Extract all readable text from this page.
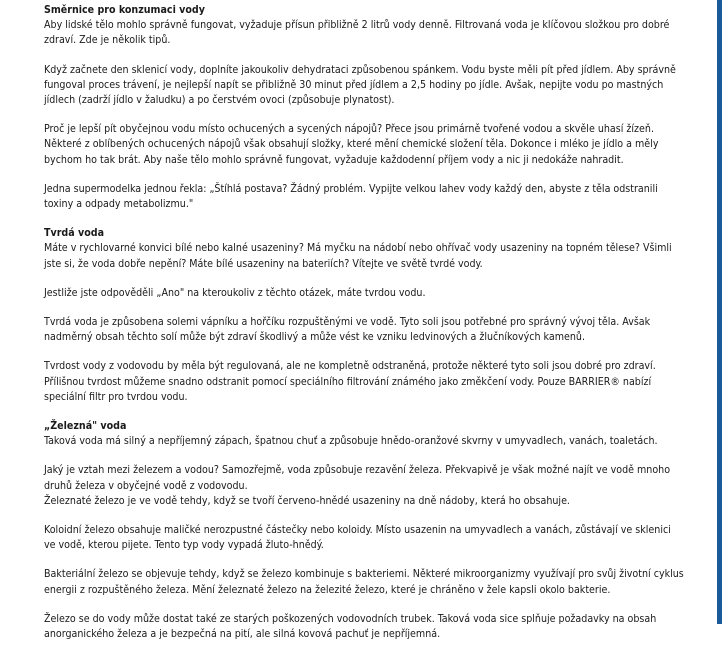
Směrnice pro konzumaci vody

Aby lidské tělo mohlo správně fungovat, vyžaduje přísun přibližně 2 litrů vody denně. Filtrovaná voda je klíčovou složkou pro dobré zdraví. Zde je několik tipů.

Když začnete den sklenicí vody, doplníte jakoukoliv dehydrataci způsobenou spánkem. Vodu byste měli pít před jídlem. Aby správně fungoval proces trávení, je nejlepší napít se přibližně 30 minut před jídlem a 2,5 hodiny po jídle. Avšak, nepijte vodu po mastných jídlech (zadrží jídlo v žaludku) a po čerstvém ovoci (způsobuje plynatost).

Proč je lepší pít obyčejnou vodu místo ochucených a sycených nápojů? Přece jsou primárně tvořené vodou a skvěle uhasí žízeň. Některé z oblíbených ochucených nápojů však obsahují složky, které mění chemické složení těla. Dokonce i mléko je jídlo a měly bychom ho tak brát. Aby naše tělo mohlo správně fungovat, vyžaduje každodenní příjem vody a nic ji nedokáže nahradit.

Jedna supermodelka jednou řekla: „Štíhlá postava? Žádný problém. Vypijte velkou lahev vody každý den, abyste z těla odstranili toxiny a odpady metabolizmu."

Tvrdá voda

Máte v rychlovarné konvici bílé nebo kalné usazeniny? Má myčku na nádobí nebo ohřívač vody usazeniny na topném tělese? Všimli jste si, že voda dobře nepění? Máte bílé usazeniny na bateriích? Vítejte ve světě tvrdé vody.

Jestliže jste odpověděli „Ano" na kteroukoliv z těchto otázek, máte tvrdou vodu.

Tvrdá voda je způsobena solemi vápníku a hořčíku rozpuštěnými ve vodě. Tyto soli jsou potřebné pro správný vývoj těla. Avšak nadměrný obsah těchto solí může být zdraví škodlivý a může vést ke vzniku ledvinových a žlučníkových kamenů.

Tvrdost vody z vodovodu by měla být regulovaná, ale ne kompletně odstraněná, protože některé tyto soli jsou dobré pro zdraví. Přílišnou tvrdost můžeme snadno odstranit pomocí speciálního filtrování známého jako změkčení vody. Pouze BARRIER® nabízí speciální filtr pro tvrdou vodu.

„Železná" voda

Taková voda má silný a nepříjemný zápach, špatnou chuť a způsobuje hnědo-oranžové skvrny v umyvadlech, vanách, toaletách.

Jaký je vztah mezi železem a vodou? Samozřejmě, voda způsobuje rezavění železa. Překvapivě je však možné najít ve vodě mnoho druhů železa v obyčejné vodě z vodovodu.

Železnaté železo je ve vodě tehdy, když se tvoří červeno-hnědé usazeniny na dně nádoby, která ho obsahuje.

Koloidní železo obsahuje maličké nerozpustné částečky nebo koloidy. Místo usazenin na umyvadlech a vanách, zůstávají ve sklenici ve vodě, kterou pijete. Tento typ vody vypadá žluto-hnědý.

Bakteriální železo se objevuje tehdy, když se železo kombinuje s bakteriemi. Některé mikroorganizmy využívají pro svůj životní cyklus energii z rozpuštěného železa. Mění železnaté železo na železité železo, které je chráněno v žele kapsli okolo bakterie.

Železo se do vody může dostat také ze starých poškozených vodovodních trubek. Taková voda sice splňuje požadavky na obsah anorganického železa a je bezpečná na pití, ale silná kovová pachuť je nepříjemná.
